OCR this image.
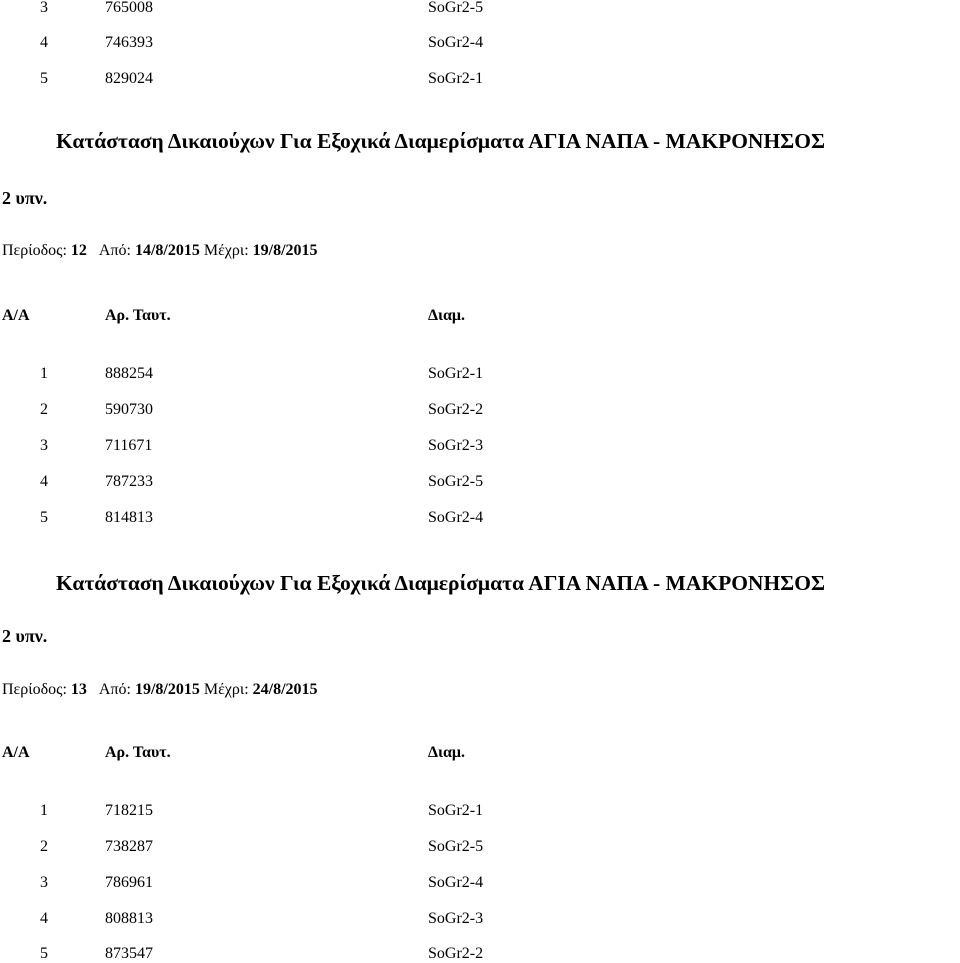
3	765008	SoGr2-5
4	746393	SoGr2-4
5	829024	SoGr2-1
Κατάσταση Δικαιούχων Για Εξοχικά Διαμερίσματα ΑΓΙΑ ΝΑΠΑ - ΜΑΚΡΟΝΗΣΟΣ
2 υπν.
Περίοδος: 12 Από: 14/8/2015 Μέχρι: 19/8/2015
Α/Α	Αρ. Ταυτ.	Διαμ.
1	888254	SoGr2-1
2	590730	SoGr2-2
3	711671	SoGr2-3
4	787233	SoGr2-5
5	814813	SoGr2-4
Κατάσταση Δικαιούχων Για Εξοχικά Διαμερίσματα ΑΓΙΑ ΝΑΠΑ - ΜΑΚΡΟΝΗΣΟΣ
2 υπν.
Περίοδος: 13 Από: 19/8/2015 Μέχρι: 24/8/2015
Α/Α	Αρ. Ταυτ.	Διαμ.
1	718215	SoGr2-1
2	738287	SoGr2-5
3	786961	SoGr2-4
4	808813	SoGr2-3
5	873547	SoGr2-2
